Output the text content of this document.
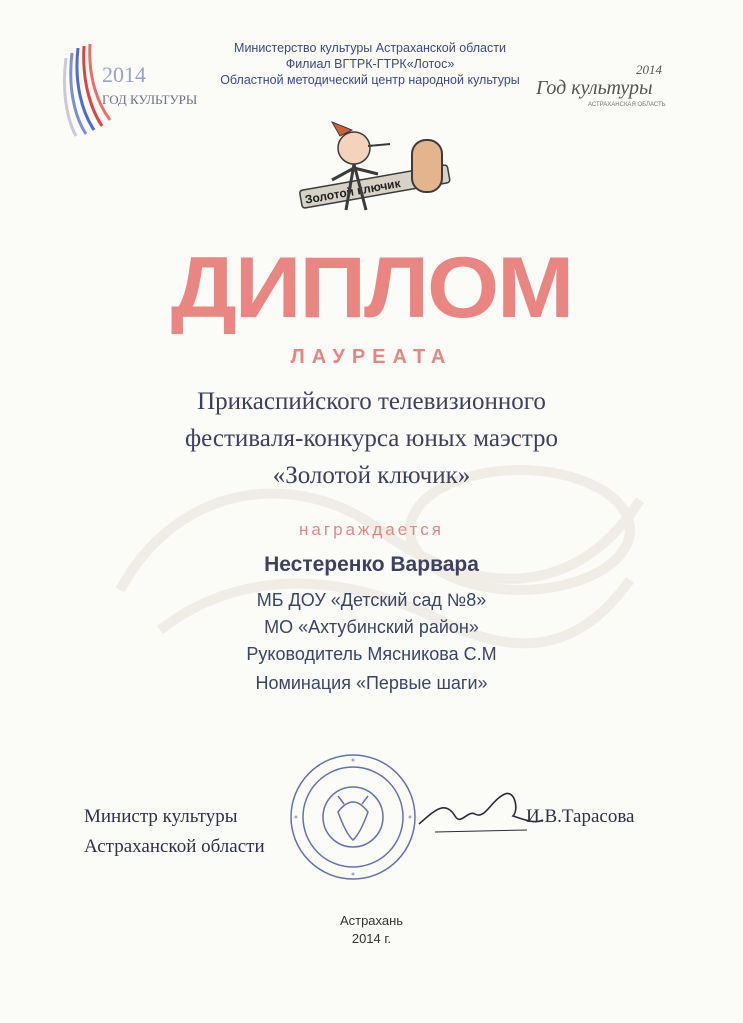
2014
ГОД КУЛЬТУРЫ
Министерство культуры Астраханской области
Филиал ВГТРК-ГТРК«Лотос»
Областной методический центр народной культуры
2014
Год культуры
АСТРАХАНСКАЯ ОБЛАСТЬ
Золотой ключик
ДИПЛОМ
ЛАУРЕАТА
Прикаспийского телевизионного
фестиваля-конкурса юных маэстро
«Золотой ключик»
награждается
Нестеренко Варвара
МБ ДОУ «Детский сад №8»
МО «Ахтубинский район»
Руководитель Мясникова С.М
Номинация «Первые шаги»
Министр культуры
Астраханской области
И.В.Тарасова
Астрахань
2014 г.
